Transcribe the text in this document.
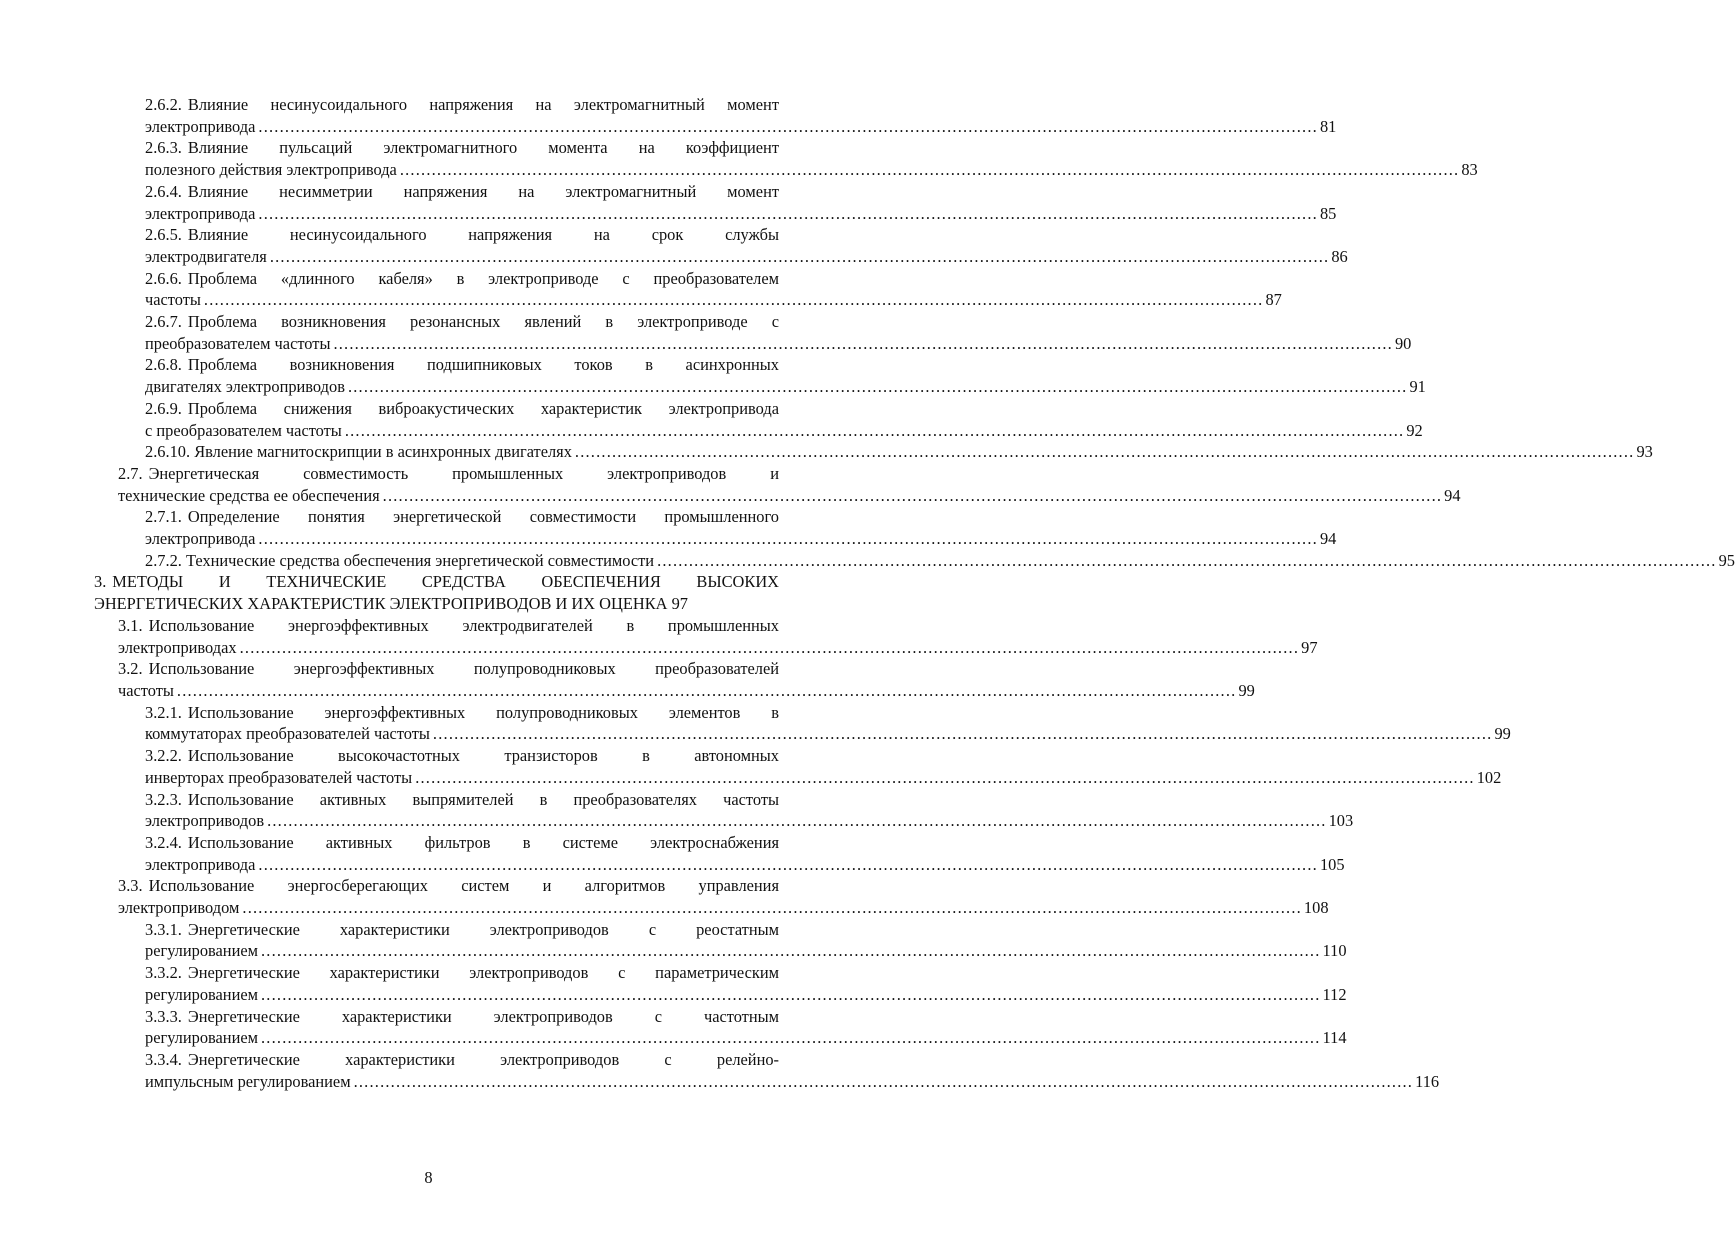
2.6.2. Влияние несинусоидального напряжения на электромагнитный момент
электропривода ........................................................................................................................................................................................................ 81
2.6.3. Влияние пульсаций электромагнитного момента на коэффициент
полезного действия электропривода ........................................................................................................................................................................................................ 83
2.6.4. Влияние несимметрии напряжения на электромагнитный момент
электропривода ........................................................................................................................................................................................................ 85
2.6.5. Влияние несинусоидального напряжения на срок службы
электродвигателя ........................................................................................................................................................................................................ 86
2.6.6. Проблема «длинного кабеля» в электроприводе с преобразователем
частоты ........................................................................................................................................................................................................ 87
2.6.7. Проблема возникновения резонансных явлений в электроприводе с
преобразователем частоты ........................................................................................................................................................................................................ 90
2.6.8. Проблема возникновения подшипниковых токов в асинхронных
двигателях электроприводов ........................................................................................................................................................................................................ 91
2.6.9. Проблема снижения виброакустических характеристик электропривода
с преобразователем частоты ........................................................................................................................................................................................................ 92
2.6.10.
Явление магнитоскрипции в асинхронных двигателях ........................................................................................................................................................................................................ 93
2.7. Энергетическая совместимость промышленных электроприводов и
технические средства ее обеспечения ........................................................................................................................................................................................................ 94
2.7.1. Определение понятия энергетической совместимости промышленного
электропривода ........................................................................................................................................................................................................ 94
2.7.2.
Технические средства обеспечения энергетической совместимости ........................................................................................................................................................................................................ 95
3. МЕТОДЫ И ТЕХНИЧЕСКИЕ СРЕДСТВА ОБЕСПЕЧЕНИЯ ВЫСОКИХ
ЭНЕРГЕТИЧЕСКИХ ХАРАКТЕРИСТИК ЭЛЕКТРОПРИВОДОВ И ИХ ОЦЕНКА
97
3.1. Использование энергоэффективных электродвигателей в промышленных
электроприводах ........................................................................................................................................................................................................ 97
3.2. Использование энергоэффективных полупроводниковых преобразователей
частоты ........................................................................................................................................................................................................ 99
3.2.1. Использование энергоэффективных полупроводниковых элементов в
коммутаторах преобразователей частоты ........................................................................................................................................................................................................ 99
3.2.2. Использование высокочастотных транзисторов в автономных
инверторах преобразователей частоты ........................................................................................................................................................................................................ 102
3.2.3. Использование активных выпрямителей в преобразователях частоты
электроприводов ........................................................................................................................................................................................................ 103
3.2.4. Использование активных фильтров в системе электроснабжения
электропривода ........................................................................................................................................................................................................ 105
3.3. Использование энергосберегающих систем и алгоритмов управления
электроприводом ........................................................................................................................................................................................................ 108
3.3.1. Энергетические характеристики электроприводов с реостатным
регулированием ........................................................................................................................................................................................................ 110
3.3.2. Энергетические характеристики электроприводов с параметрическим
регулированием ........................................................................................................................................................................................................ 112
3.3.3. Энергетические характеристики электроприводов с частотным
регулированием ........................................................................................................................................................................................................ 114
3.3.4. Энергетические характеристики электроприводов с релейно-
импульсным регулированием ........................................................................................................................................................................................................ 116
8
